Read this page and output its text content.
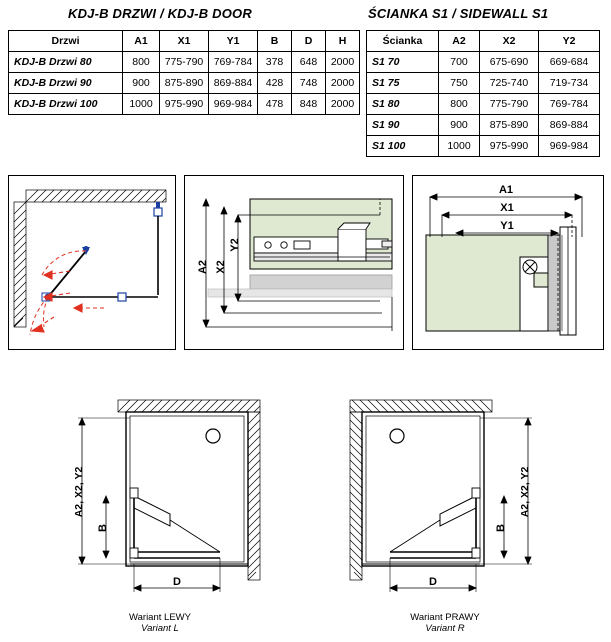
KDJ-B DRZWI / KDJ-B DOOR	ŚCIANKA S1 / SIDEWALL S1
Drzwi	A1	X1	Y1	B	D	H
KDJ-B Drzwi 80	800	775-790	769-784	378	648	2000
KDJ-B Drzwi 90	900	875-890	869-884	428	748	2000
KDJ-B Drzwi 100	1000	975-990	969-984	478	848	2000
Ścianka	A2	X2	Y2
S1 70	700	675-690	669-684
S1 75	750	725-740	719-734
S1 80	800	775-790	769-784
S1 90	900	875-890	869-884
S1 100	1000	975-990	969-984
A2 X2
Y2
A1
X1
Y1
A2, X2, Y2
B
D
A2, X2, Y2
B
D
Wariant LEWY
Variant L
Wariant PRAWY
Variant R
